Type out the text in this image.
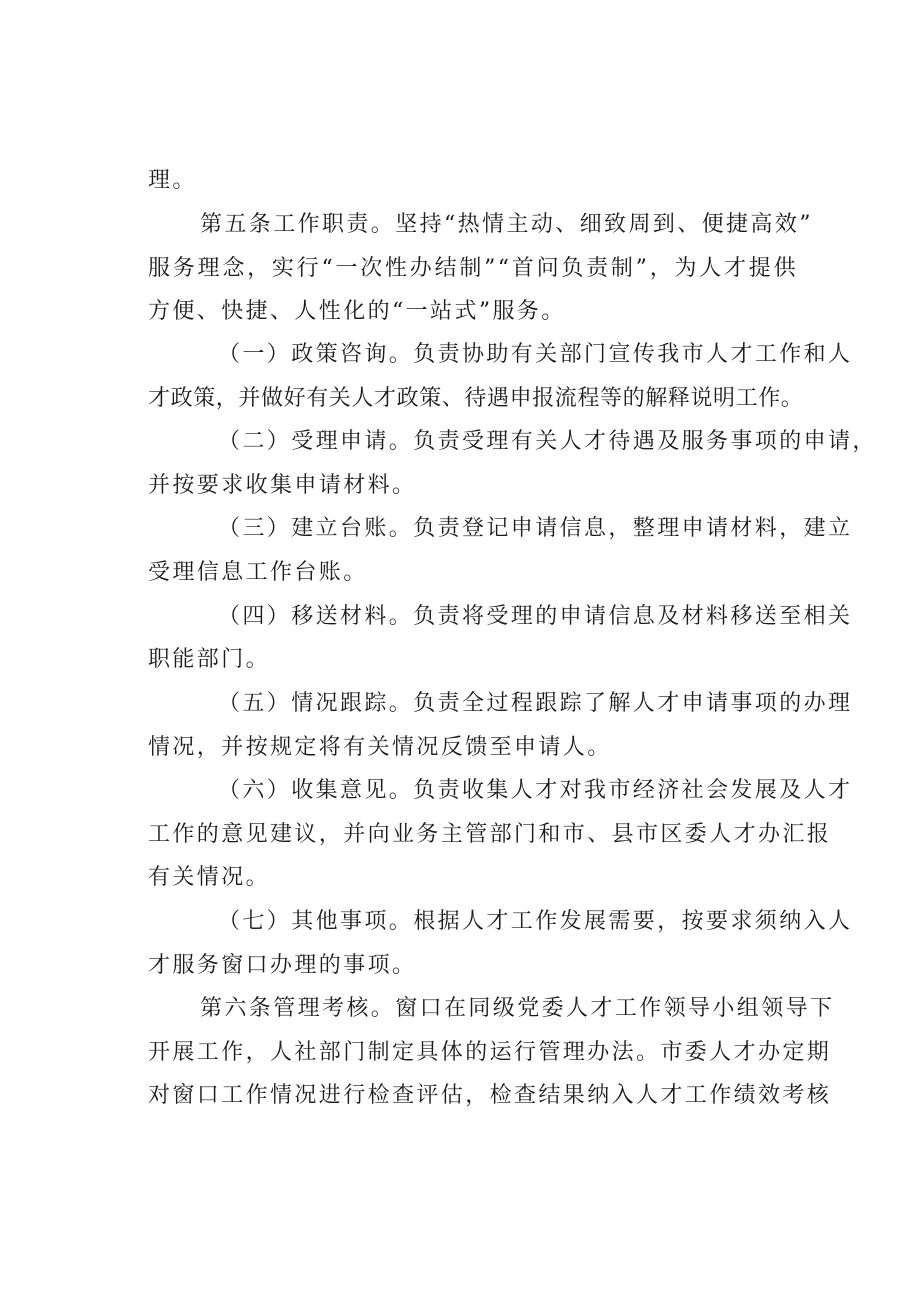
理。
第五条工作职责。坚持“热情主动、细致周到、便捷高效”
服务理念，实行“一次性办结制”“首问负责制”，为人才提供
方便、快捷、人性化的“一站式”服务。
（一）政策咨询。负责协助有关部门宣传我市人才工作和人
才政策，并做好有关人才政策、待遇申报流程等的解释说明工作。
（二）受理申请。负责受理有关人才待遇及服务事项的申请，
并按要求收集申请材料。
（三）建立台账。负责登记申请信息，整理申请材料，建立
受理信息工作台账。
（四）移送材料。负责将受理的申请信息及材料移送至相关
职能部门。
（五）情况跟踪。负责全过程跟踪了解人才申请事项的办理
情况，并按规定将有关情况反馈至申请人。
（六）收集意见。负责收集人才对我市经济社会发展及人才
工作的意见建议，并向业务主管部门和市、县市区委人才办汇报
有关情况。
（七）其他事项。根据人才工作发展需要，按要求须纳入人
才服务窗口办理的事项。
第六条管理考核。窗口在同级党委人才工作领导小组领导下
开展工作，人社部门制定具体的运行管理办法。市委人才办定期
对窗口工作情况进行检查评估，检查结果纳入人才工作绩效考核
